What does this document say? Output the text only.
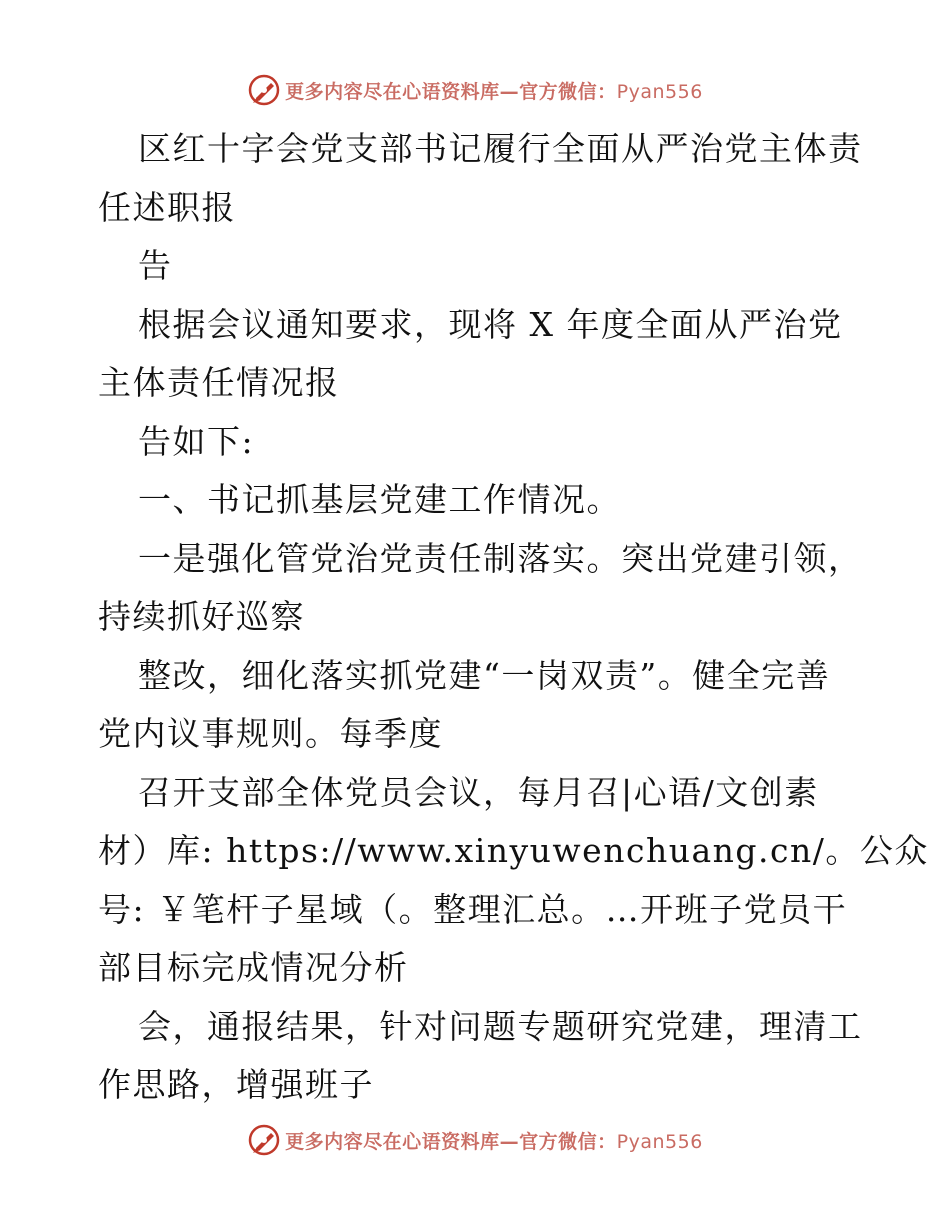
更多内容尽在心语资料库—官方微信：Pyan556
区红十字会党支部书记履行全面从严治党主体责
任述职报
告
根据会议通知要求，现将 X 年度全面从严治党
主体责任情况报
告如下:
一、书记抓基层党建工作情况。
一是强化管党治党责任制落实。突出党建引领，
持续抓好巡察
整改，细化落实抓党建“一岗双责”。健全完善
党内议事规则。每季度
召开支部全体党员会议，每月召|心语/文创素
材）库: https://www.xinyuwenchuang.cn/。公众
号: ￥笔杆子星域（。整理汇总。…开班子党员干
部目标完成情况分析
会，通报结果，针对问题专题研究党建，理清工
作思路，增强班子
更多内容尽在心语资料库—官方微信：Pyan556
